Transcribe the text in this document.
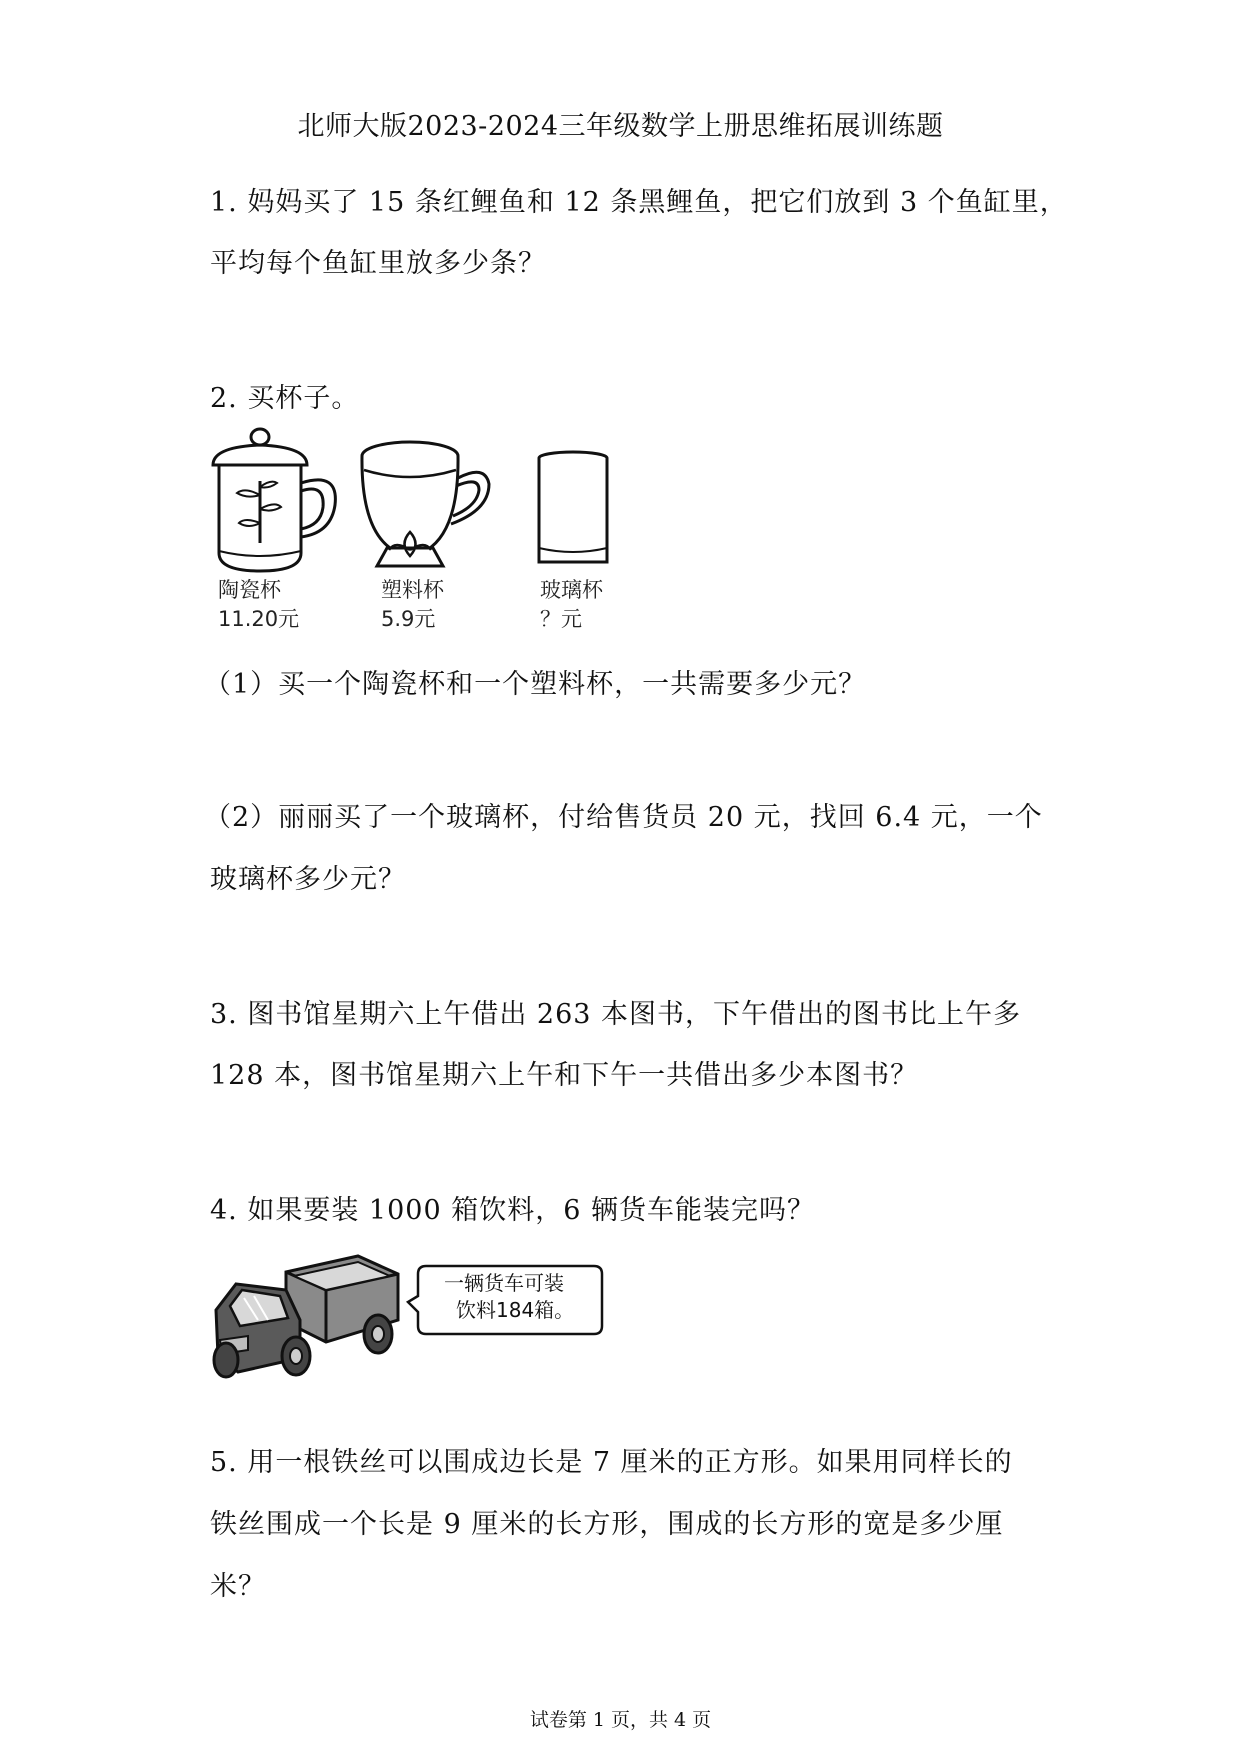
北师大版2023-2024三年级数学上册思维拓展训练题
1. 妈妈买了 15 条红鲤鱼和 12 条黑鲤鱼，把它们放到 3 个鱼缸里，
平均每个鱼缸里放多少条？
2. 买杯子。
陶瓷杯
11.20元
塑料杯
5.9元
玻璃杯
？元
（1）买一个陶瓷杯和一个塑料杯，一共需要多少元？
（2）丽丽买了一个玻璃杯，付给售货员 20 元，找回 6.4 元，一个
玻璃杯多少元？
3. 图书馆星期六上午借出 263 本图书，下午借出的图书比上午多
128 本，图书馆星期六上午和下午一共借出多少本图书？
4. 如果要装 1000 箱饮料，6 辆货车能装完吗？
一辆货车可装
饮料184箱。
5. 用一根铁丝可以围成边长是 7 厘米的正方形。如果用同样长的
铁丝围成一个长是 9 厘米的长方形，围成的长方形的宽是多少厘
米？
试卷第 1 页，共 4 页
